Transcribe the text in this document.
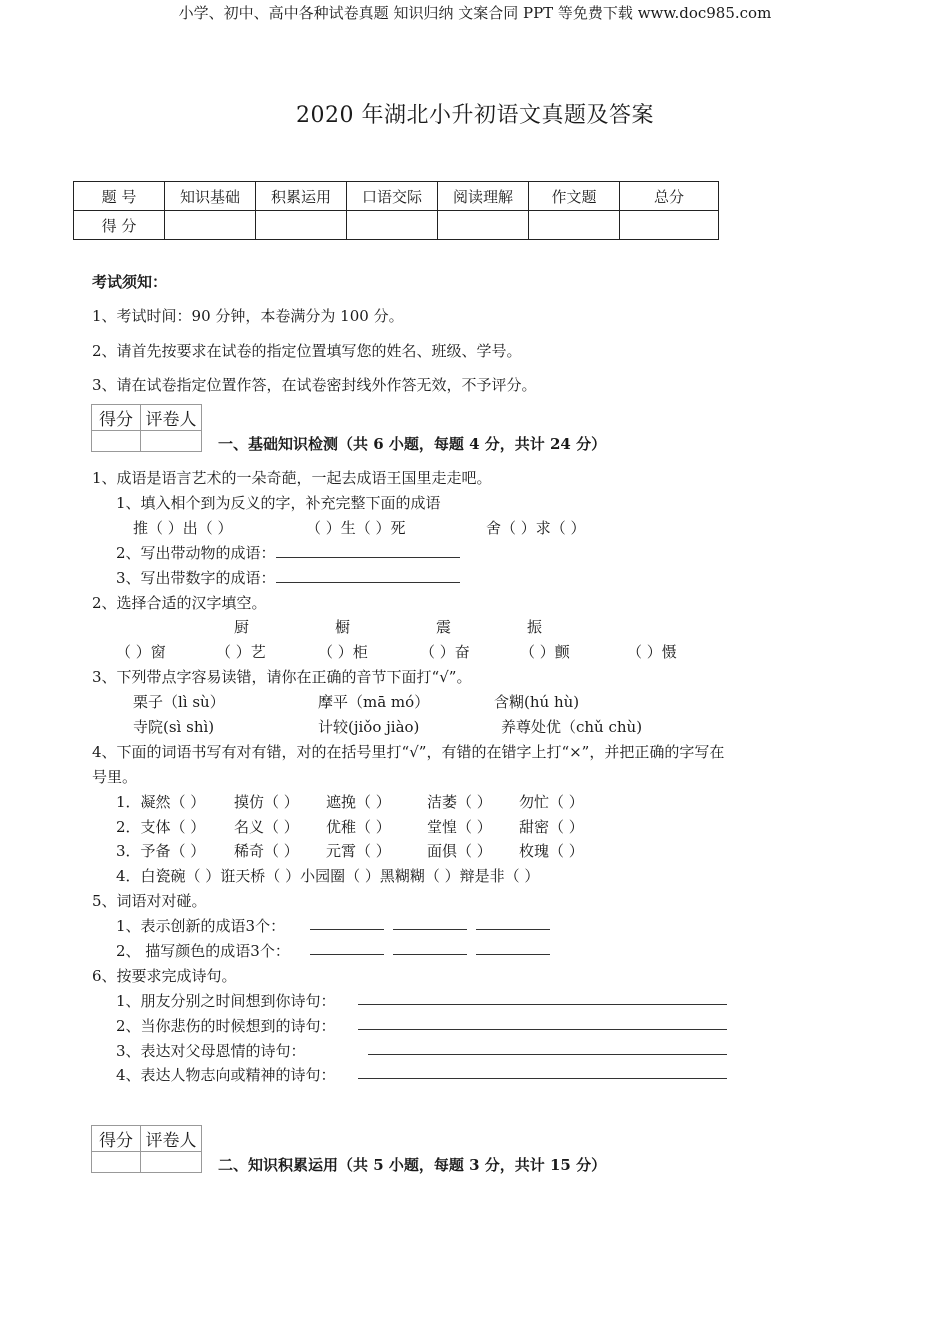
小学、初中、高中各种试卷真题 知识归纳 文案合同 PPT 等免费下载 www.doc985.com
2020 年湖北小升初语文真题及答案
题 号	知识基础	积累运用	口语交际	阅读理解	作文题	总分
得 分						
考试须知：
1、考试时间：90 分钟，本卷满分为 100 分。
2、请首先按要求在试卷的指定位置填写您的姓名、班级、学号。
3、请在试卷指定位置作答，在试卷密封线外作答无效，不予评分。
得分	评卷人

一、基础知识检测（共 6 小题，每题 4 分，共计 24 分）
1、成语是语言艺术的一朵奇葩，一起去成语王国里走走吧。
1、填入相个到为反义的字，补充完整下面的成语
推（ ）出（ ）	（ ）生（ ）死	舍（ ）求（ ）
2、写出带动物的成语：
3、写出带数字的成语：
2、选择合适的汉字填空。
厨	橱	震	振
（ ）窗	（ ）艺	（ ）柜	（ ）奋	（ ）颤	（ ）慑
3、下列带点字容易读错，请你在正确的音节下面打“√”。
栗子（lì sù）	摩平（mā mó）	含糊(hú hù)
寺院(sì shì)	计较(jiǒo jiào)	养尊处优（chǔ chù)
4、下面的词语书写有对有错，对的在括号里打“√”，有错的在错字上打“×”，并把正确的字写在
号里。
1．凝然（ ） 摸仿（ ） 遮挽（ ） 洁萎（ ） 勿忙（ ）
2．支体（ ） 名义（ ） 优稚（ ） 堂惶（ ） 甜密（ ）
3．予备（ ） 稀奇（ ） 元霄（ ） 面俱（ ） 枚瑰（ ）
4．白瓷碗（ ）诳天桥（ ）小园圈（ ）黑糊糊（ ）辩是非（ ）
5、词语对对碰。
1、表示创新的成语3个：
2、 描写颜色的成语3个：
6、按要求完成诗句。
1、朋友分别之时间想到你诗句：
2、当你悲伤的时候想到的诗句：
3、表达对父母恩情的诗句：
4、表达人物志向或精神的诗句：
得分	评卷人

二、知识积累运用（共 5 小题，每题 3 分，共计 15 分）
